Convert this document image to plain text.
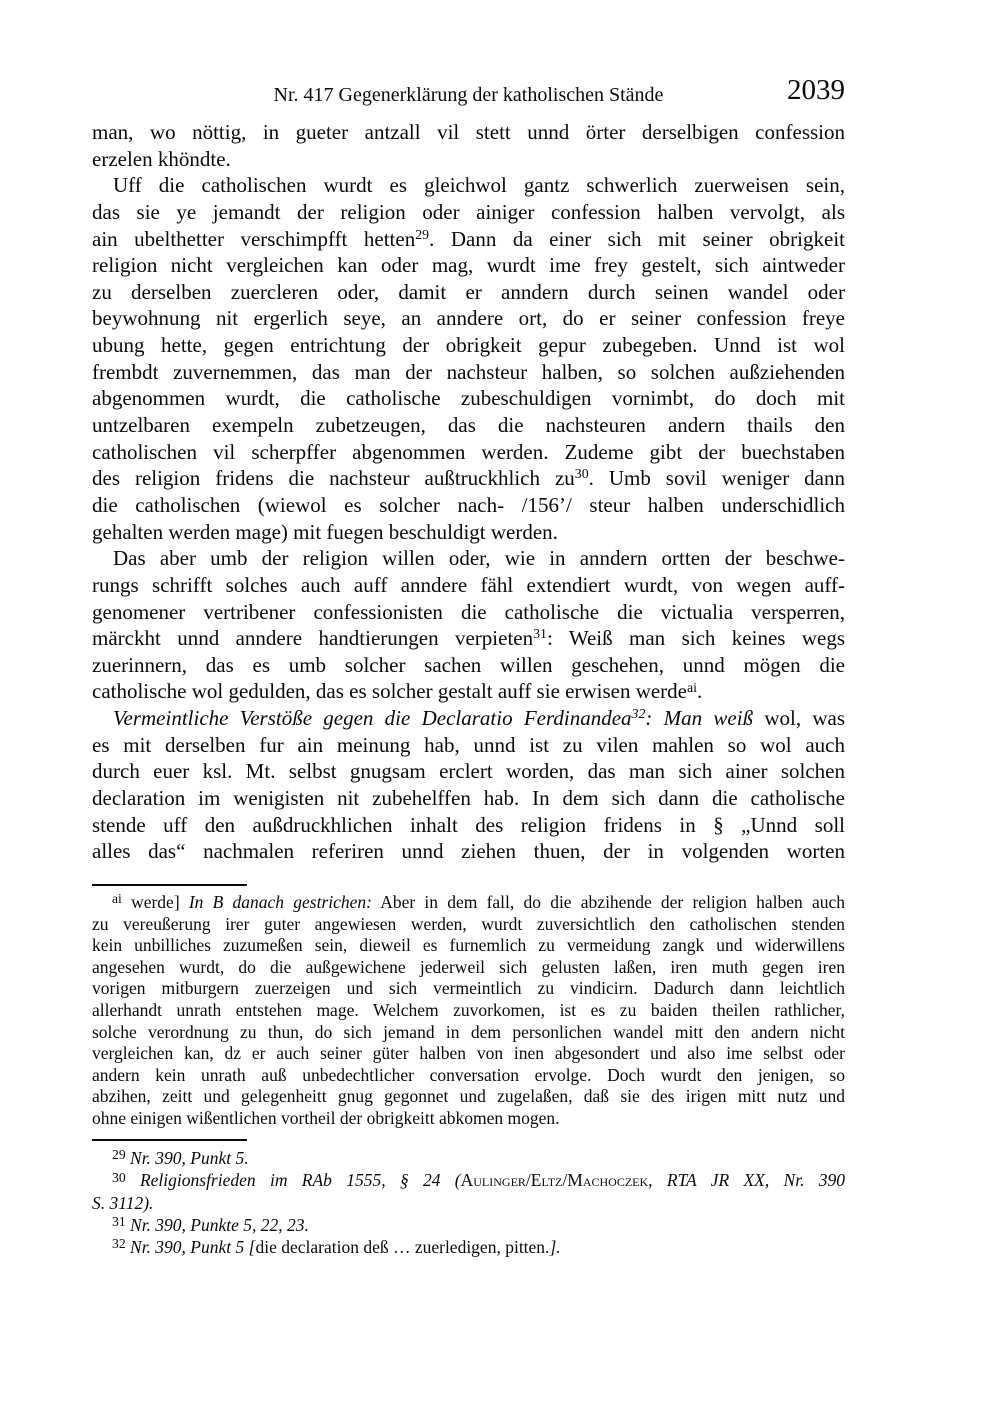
Nr. 417 Gegenerklärung der katholischen Stände	2039
man, wo nöttig, in gueter antzall vil stett unnd örter derselbigen confession
erzelen khöndte.
Uff die catholischen wurdt es gleichwol gantz schwerlich zuerweisen sein,
das sie ye jemandt der religion oder ainiger confession halben vervolgt, als
ain ubelthetter verschimpfft hetten$^{29}$. Dann da einer sich mit seiner obrigkeit
religion nicht vergleichen kan oder mag, wurdt ime frey gestelt, sich aintweder
zu derselben zuercleren oder, damit er anndern durch seinen wandel oder
beywohnung nit ergerlich seye, an anndere ort, do er seiner confession freye
ubung hette, gegen entrichtung der obrigkeit gepur zubegeben. Unnd ist wol
frembdt zuvernemmen, das man der nachsteur halben, so solchen außziehenden
abgenommen wurdt, die catholische zubeschuldigen vornimbt, do doch mit
untzelbaren exempeln zubetzeugen, das die nachsteuren andern thails den
catholischen vil scherpffer abgenommen werden. Zudeme gibt der buechstaben
des religion fridens die nachsteur außtruckhlich $zu^{30}$. Umb sovil weniger dann
die catholischen (wiewol es solcher nach- /156’/ steur halben underschidlich
gehalten werden mage) mit fuegen beschuldigt werden.
Das aber umb der religion willen oder, wie in anndern ortten der beschwe-
rungs schrifft solches auch auff anndere fähl extendiert wurdt, von wegen auff-
genomener vertribener confessionisten die catholische die victualia versperren,
märckht unnd anndere handtierungen verpieten$^{31}$: Weiß man sich keines wegs
zuerinnern, das es umb solcher sachen willen geschehen, unnd mögen die
catholische wol gedulden, das es solcher gestalt auff sie erwisen werde$^{ai}$.
Vermeintliche Verstöße gegen die Declaratio Ferdinandea$^{32}$: Man weiß wol, was
es mit derselben fur ain meinung hab, unnd ist zu vilen mahlen so wol auch
durch euer ksl. Mt. selbst gnugsam erclert worden, das man sich ainer solchen
declaration im wenigisten nit zubehelffen hab. In dem sich dann die catholische
stende uff den außdruckhlichen inhalt des religion fridens in § „Unnd soll
alles das“ nachmalen referiren unnd ziehen thuen, der in volgenden worten
$^{ai}$ werde] In B danach gestrichen: Aber in dem fall, do die abzihende der religion halben auch
zu vereußerung irer guter angewiesen werden, wurdt zuversichtlich den catholischen stenden
kein unbilliches zuzumeßen sein, dieweil es furnemlich zu vermeidung zangk und widerwillens
angesehen wurdt, do die außgewichene jederweil sich gelusten laßen, iren muth gegen iren
vorigen mitburgern zuerzeigen und sich vermeintlich zu vindicirn. Dadurch dann leichtlich
allerhandt unrath entstehen mage. Welchem zuvorkomen, ist es zu baiden theilen rathlicher,
solche verordnung zu thun, do sich jemand in dem personlichen wandel mitt den andern nicht
vergleichen kan, dz er auch seiner güter halben von inen abgesondert und also ime selbst oder
andern kein unrath auß unbedechtlicher conversation ervolge. Doch wurdt den jenigen, so
abzihen, zeitt und gelegenheitt gnug gegonnet und zugelaßen, daß sie des irigen mitt nutz und
ohne einigen wißentlichen vortheil der obrigkeitt abkomen mogen.
$^{29}$ Nr. 390, Punkt 5.
$^{30}$ Religionsfrieden im RAb 1555, § 24 (Aulinger/Eltz/Machoczek, RTA JR XX, Nr. 390
S. 3112).
$^{31}$ Nr. 390, Punkte 5, 22, 23.
$^{32}$ Nr. 390, Punkt 5 [die declaration deß … zuerledigen, pitten.].
